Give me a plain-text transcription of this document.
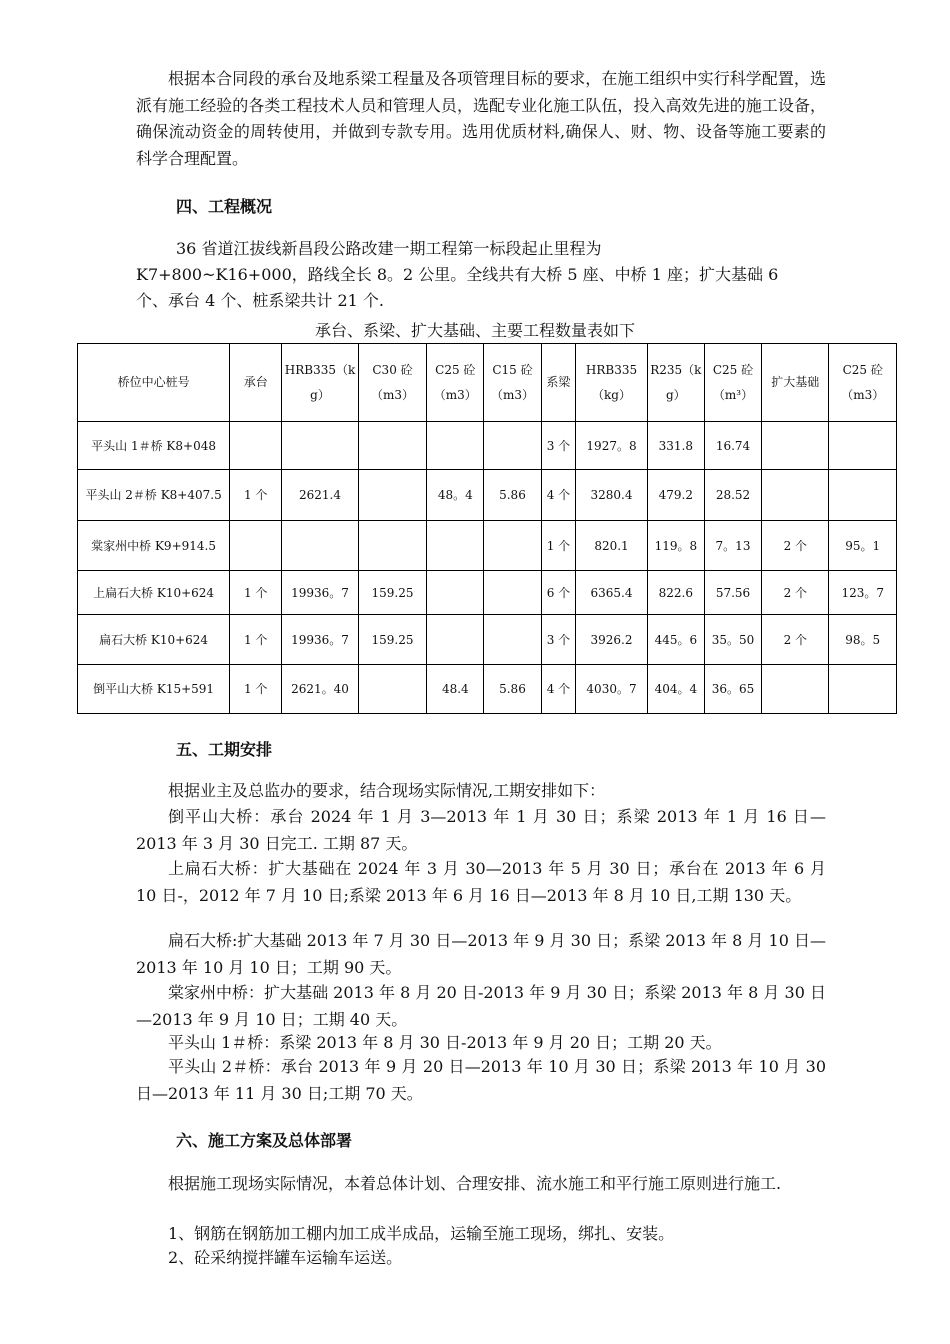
根据本合同段的承台及地系梁工程量及各项管理目标的要求，在施工组织中实行科学配置，选派有施工经验的各类工程技术人员和管理人员，选配专业化施工队伍，投入高效先进的施工设备，确保流动资金的周转使用，并做到专款专用。选用优质材料,确保人、财、物、设备等施工要素的科学合理配置。

四、工程概况

36 省道江拔线新昌段公路改建一期工程第一标段起止里程为

K7+800~K16+000，路线全长 8。2 公里。全线共有大桥 5 座、中桥 1 座；扩大基础 6

个、承台 4 个、桩系梁共计 21 个.

承台、系梁、扩大基础、主要工程数量表如下
桥位中心桩号	承台	HRB335（kg）	C30 砼（m3）	C25 砼（m3）	C15 砼（m3）	系梁	HRB335（kg）	R235（kg）	C25 砼（m³）	扩大基础	C25 砼（m3）
平头山 1＃桥 K8+048						3 个	1927。8	331.8	16.74		
平头山 2＃桥 K8+407.5	1 个	2621.4		48。4	5.86	4 个	3280.4	479.2	28.52		
棠家州中桥 K9+914.5						1 个	820.1	119。8	7。13	2 个	95。1
上扁石大桥 K10+624	1 个	19936。7	159.25			6 个	6365.4	822.6	57.56	2 个	123。7
扁石大桥 K10+624	1 个	19936。7	159.25			3 个	3926.2	445。6	35。50	2 个	98。5
倒平山大桥 K15+591	1 个	2621。40		48.4	5.86	4 个	4030。7	404。4	36。65		

五、工期安排

根据业主及总监办的要求，结合现场实际情况,工期安排如下：

倒平山大桥：承台 2024 年 1 月 3—2013 年 1 月 30 日；系梁 2013 年 1 月 16 日—2013 年 3 月 30 日完工. 工期 87 天。

上扁石大桥：扩大基础在 2024 年 3 月 30—2013 年 5 月 30 日；承台在 2013 年 6 月 10 日-，2012 年 7 月 10 日;系梁 2013 年 6 月 16 日—2013 年 8 月 10 日,工期 130 天。

扁石大桥:扩大基础 2013 年 7 月 30 日—2013 年 9 月 30 日；系梁 2013 年 8 月 10 日—2013 年 10 月 10 日；工期 90 天。

棠家州中桥：扩大基础 2013 年 8 月 20 日-2013 年 9 月 30 日；系梁 2013 年 8 月 30 日—2013 年 9 月 10 日；工期 40 天。

平头山 1＃桥：系梁 2013 年 8 月 30 日-2013 年 9 月 20 日；工期 20 天。

平头山 2＃桥：承台 2013 年 9 月 20 日—2013 年 10 月 30 日；系梁 2013 年 10 月 30 日—2013 年 11 月 30 日;工期 70 天。

六、施工方案及总体部署

根据施工现场实际情况，本着总体计划、合理安排、流水施工和平行施工原则进行施工.

1、钢筋在钢筋加工棚内加工成半成品，运输至施工现场，绑扎、安装。

2、砼采纳搅拌罐车运输车运送。
